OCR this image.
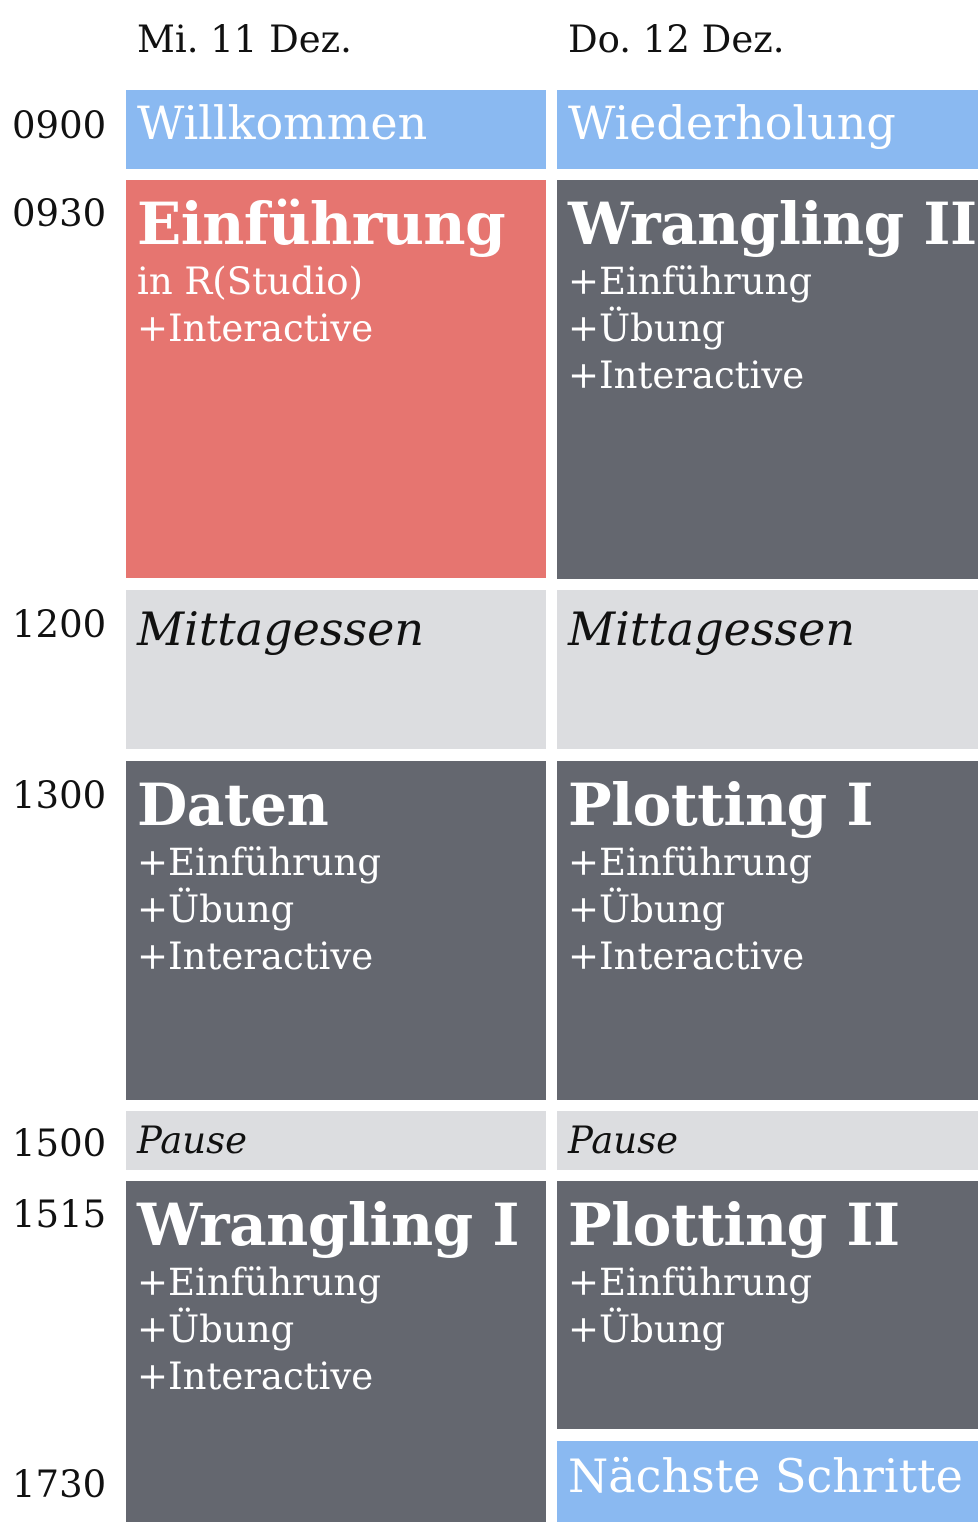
Mi. 11 Dez.	Do. 12 Dez.
0900
0930
1200
1300
1500
1515
1730
Willkommen
Einführung
in R(Studio)
+Interactive
Mittagessen
Daten
+Einführung
+Übung
+Interactive
Pause
Wrangling I
+Einführung
+Übung
+Interactive
Wiederholung
Wrangling II
+Einführung
+Übung
+Interactive
Mittagessen
Plotting I
+Einführung
+Übung
+Interactive
Pause
Plotting II
+Einführung
+Übung
Nächste Schritte
